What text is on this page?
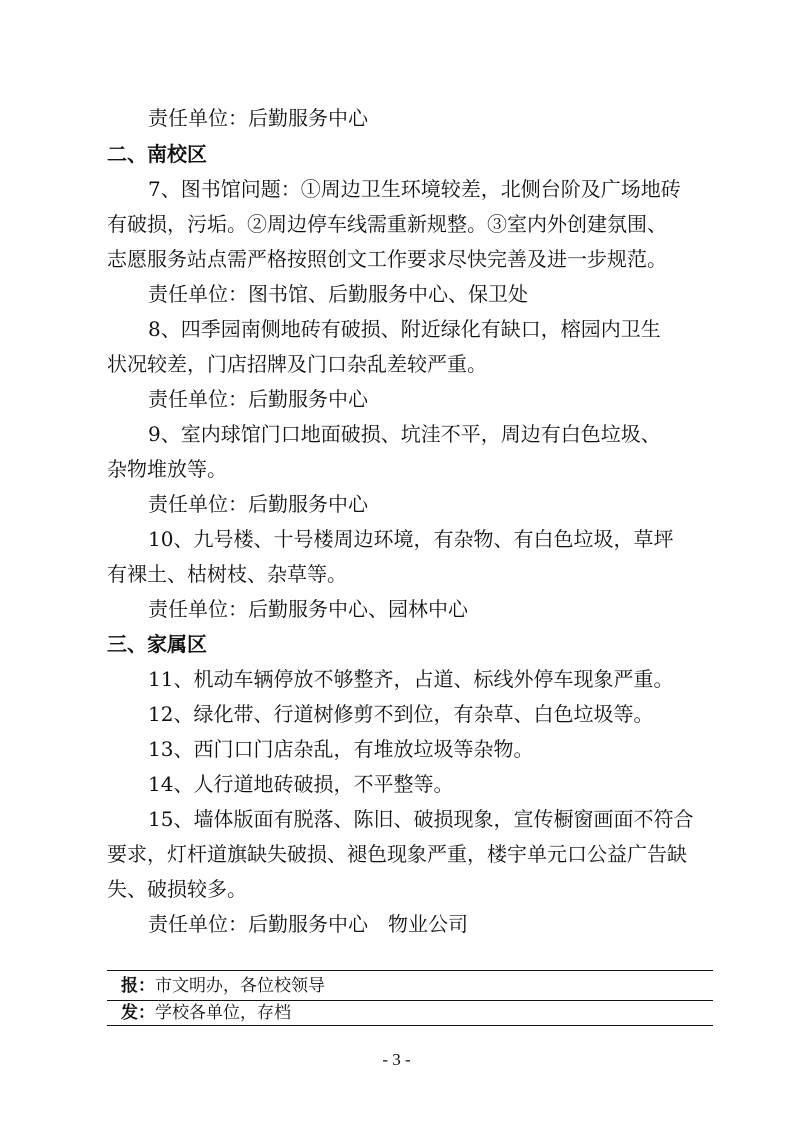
责任单位：后勤服务中心
二、南校区
7、图书馆问题：①周边卫生环境较差，北侧台阶及广场地砖
有破损，污垢。②周边停车线需重新规整。③室内外创建氛围、
志愿服务站点需严格按照创文工作要求尽快完善及进一步规范。
责任单位：图书馆、后勤服务中心、保卫处
8、四季园南侧地砖有破损、附近绿化有缺口，榕园内卫生
状况较差，门店招牌及门口杂乱差较严重。
责任单位：后勤服务中心
9、室内球馆门口地面破损、坑洼不平，周边有白色垃圾、
杂物堆放等。
责任单位：后勤服务中心
10、九号楼、十号楼周边环境，有杂物、有白色垃圾，草坪
有裸土、枯树枝、杂草等。
责任单位：后勤服务中心、园林中心
三、家属区
11、机动车辆停放不够整齐，占道、标线外停车现象严重。
12、绿化带、行道树修剪不到位，有杂草、白色垃圾等。
13、西门口门店杂乱，有堆放垃圾等杂物。
14、人行道地砖破损，不平整等。
15、墙体版面有脱落、陈旧、破损现象，宣传橱窗画面不符合
要求，灯杆道旗缺失破损、褪色现象严重，楼宇单元口公益广告缺
失、破损较多。
责任单位：后勤服务中心　物业公司
报：市文明办，各位校领导
发：学校各单位，存档
- 3 -
